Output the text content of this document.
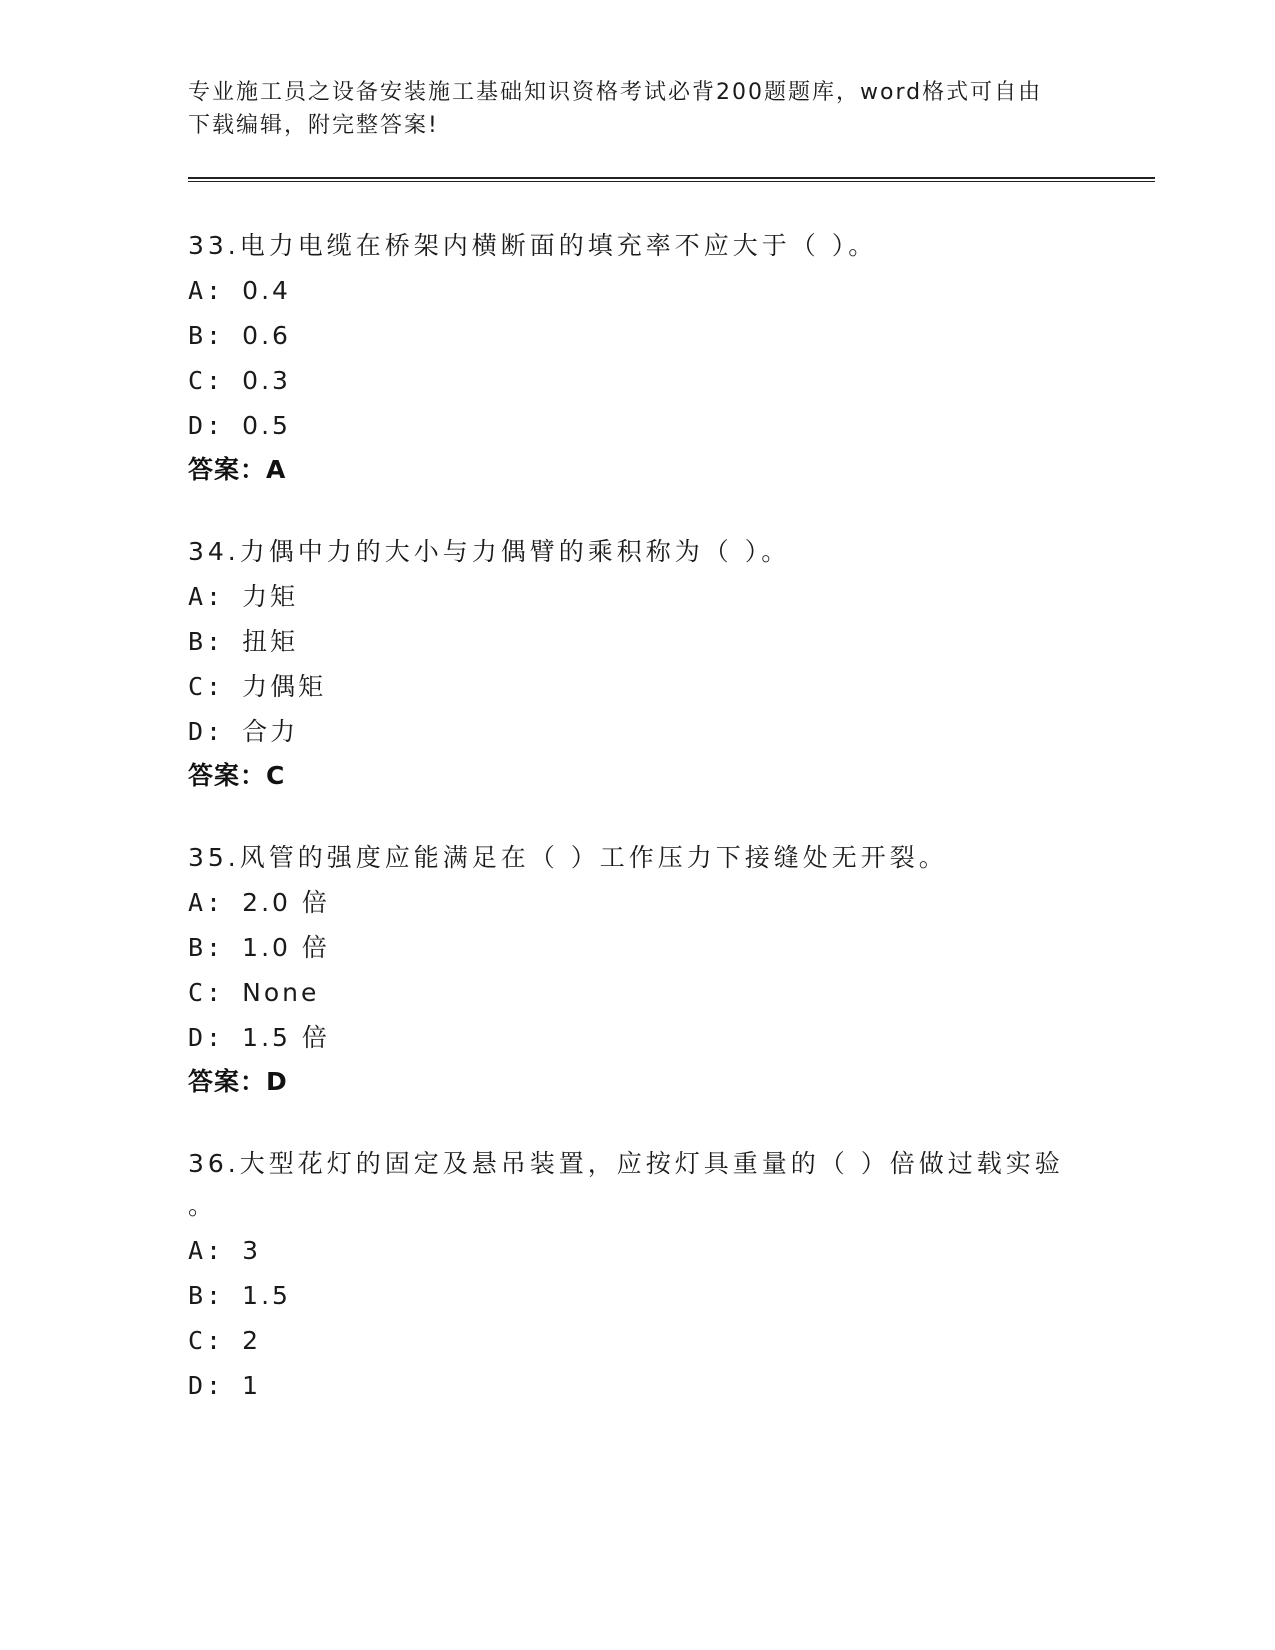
专业施工员之设备安装施工基础知识资格考试必背200题题库，word格式可自由
下载编辑，附完整答案!

33.电力电缆在桥架内横断面的填充率不应大于（ ）。

A: 0.4

B: 0.6

C: 0.3

D: 0.5

答案：A

34.力偶中力的大小与力偶臂的乘积称为（ ）。

A: 力矩

B: 扭矩

C: 力偶矩

D: 合力

答案：C

35.风管的强度应能满足在（ ）工作压力下接缝处无开裂。

A: 2.0 倍

B: 1.0 倍

C: None

D: 1.5 倍

答案：D

36.大型花灯的固定及悬吊装置，应按灯具重量的（ ）倍做过载实验

。

A: 3

B: 1.5

C: 2

D: 1
